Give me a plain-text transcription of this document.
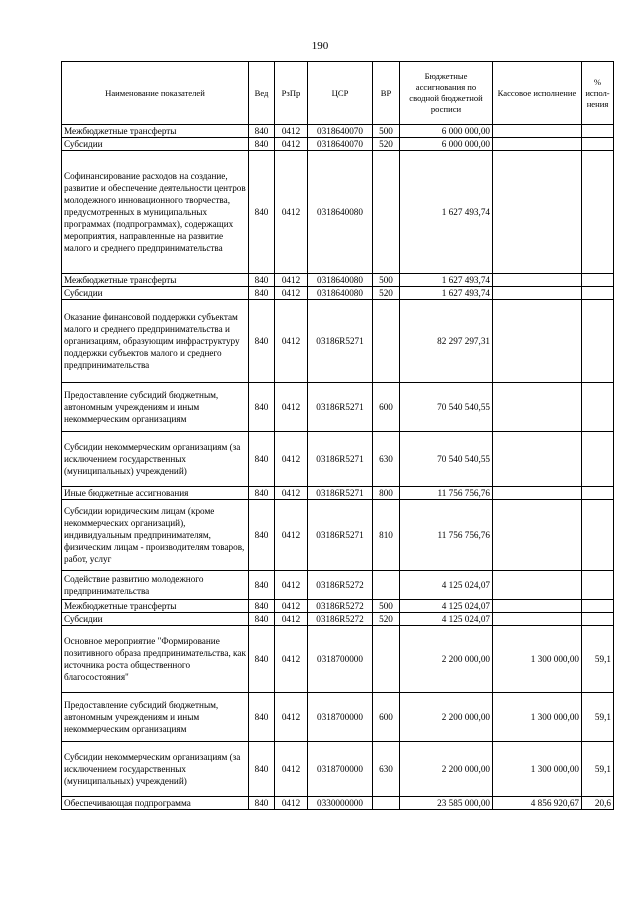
190
Наименование показателей	Вед	РзПр	ЦСР	ВР	Бюджетные ассигнования по сводной бюджетной росписи	Кассовое исполнение	% испол-нения
Межбюджетные трансферты	840	0412	0318640070	500	6 000 000,00		
Субсидии	840	0412	0318640070	520	6 000 000,00		
Софинансирование расходов на создание, развитие и обеспечение деятельности центров молодежного инновационного творчества, предусмотренных в муниципальных программах (подпрограммах), содержащих мероприятия, направленные на развитие малого и среднего предпринимательства	840	0412	0318640080		1 627 493,74		
Межбюджетные трансферты	840	0412	0318640080	500	1 627 493,74		
Субсидии	840	0412	0318640080	520	1 627 493,74		
Оказание финансовой поддержки субъектам малого и среднего предпринимательства и организациям, образующим инфраструктуру поддержки субъектов малого и среднего предпринимательства	840	0412	03186R5271		82 297 297,31		
Предоставление субсидий бюджетным, автономным учреждениям и иным некоммерческим организациям	840	0412	03186R5271	600	70 540 540,55		
Субсидии некоммерческим организациям (за исключением государственных (муниципальных) учреждений)	840	0412	03186R5271	630	70 540 540,55		
Иные бюджетные ассигнования	840	0412	03186R5271	800	11 756 756,76		
Субсидии юридическим лицам (кроме некоммерческих организаций), индивидуальным предпринимателям, физическим лицам - производителям товаров, работ, услуг	840	0412	03186R5271	810	11 756 756,76		
Содействие развитию молодежного предпринимательства	840	0412	03186R5272		4 125 024,07		
Межбюджетные трансферты	840	0412	03186R5272	500	4 125 024,07		
Субсидии	840	0412	03186R5272	520	4 125 024,07		
Основное мероприятие "Формирование позитивного образа предпринимательства, как источника роста общественного благосостояния"	840	0412	0318700000		2 200 000,00	1 300 000,00	59,1
Предоставление субсидий бюджетным, автономным учреждениям и иным некоммерческим организациям	840	0412	0318700000	600	2 200 000,00	1 300 000,00	59,1
Субсидии некоммерческим организациям (за исключением государственных (муниципальных) учреждений)	840	0412	0318700000	630	2 200 000,00	1 300 000,00	59,1
Обеспечивающая подпрограмма	840	0412	0330000000		23 585 000,00	4 856 920,67	20,6
